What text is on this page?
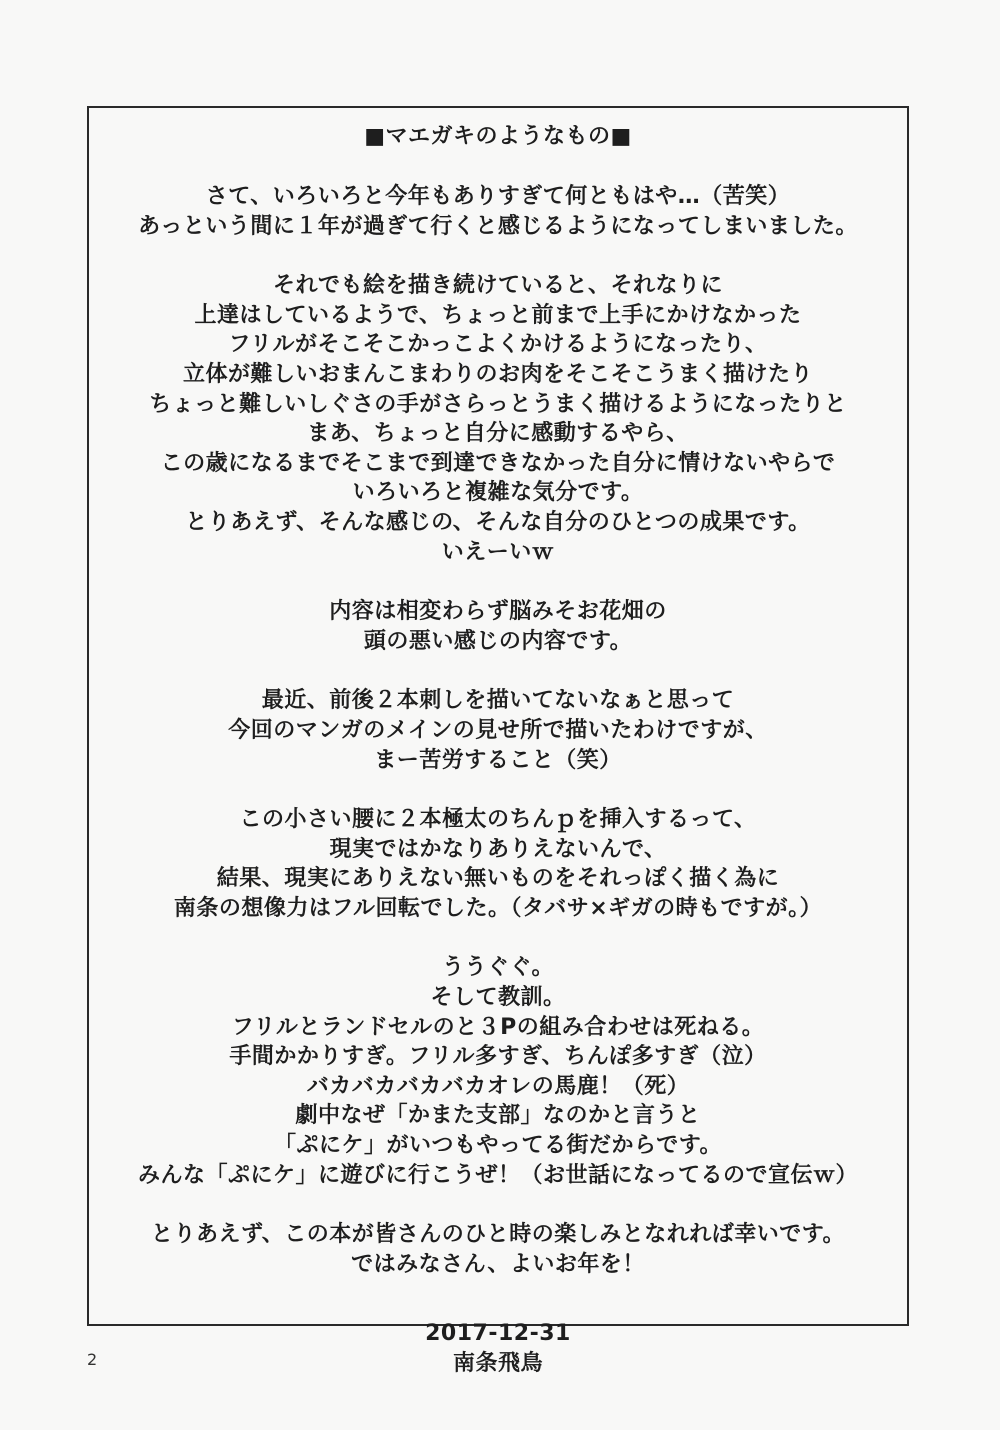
■マエガキのようなもの■
さて、いろいろと今年もありすぎて何ともはや…（苦笑）
あっという間に１年が過ぎて行くと感じるようになってしまいました。
それでも絵を描き続けていると、それなりに
上達はしているようで、ちょっと前まで上手にかけなかった
フリルがそこそこかっこよくかけるようになったり、
立体が難しいおまんこまわりのお肉をそこそこうまく描けたり
ちょっと難しいしぐさの手がさらっとうまく描けるようになったりと
まあ、ちょっと自分に感動するやら、
この歳になるまでそこまで到達できなかった自分に情けないやらで
いろいろと複雑な気分です。
とりあえず、そんな感じの、そんな自分のひとつの成果です。
いえーいｗ
内容は相変わらず脳みそお花畑の
頭の悪い感じの内容です。
最近、前後２本刺しを描いてないなぁと思って
今回のマンガのメインの見せ所で描いたわけですが、
まー苦労すること（笑）
この小さい腰に２本極太のちんｐを挿入するって、
現実ではかなりありえないんで、
結果、現実にありえない無いものをそれっぽく描く為に
南条の想像力はフル回転でした。（タバサ×ギガの時もですが。）
ううぐぐ。
そして教訓。
フリルとランドセルのと３Pの組み合わせは死ねる。
手間かかりすぎ。フリル多すぎ、ちんぽ多すぎ（泣）
バカバカバカバカオレの馬鹿！（死）
劇中なぜ「かまた支部」なのかと言うと
「ぷにケ」がいつもやってる街だからです。
みんな「ぷにケ」に遊びに行こうぜ！（お世話になってるので宣伝ｗ）
とりあえず、この本が皆さんのひと時の楽しみとなれれば幸いです。
ではみなさん、よいお年を！
2017-12-31
南条飛鳥
2
